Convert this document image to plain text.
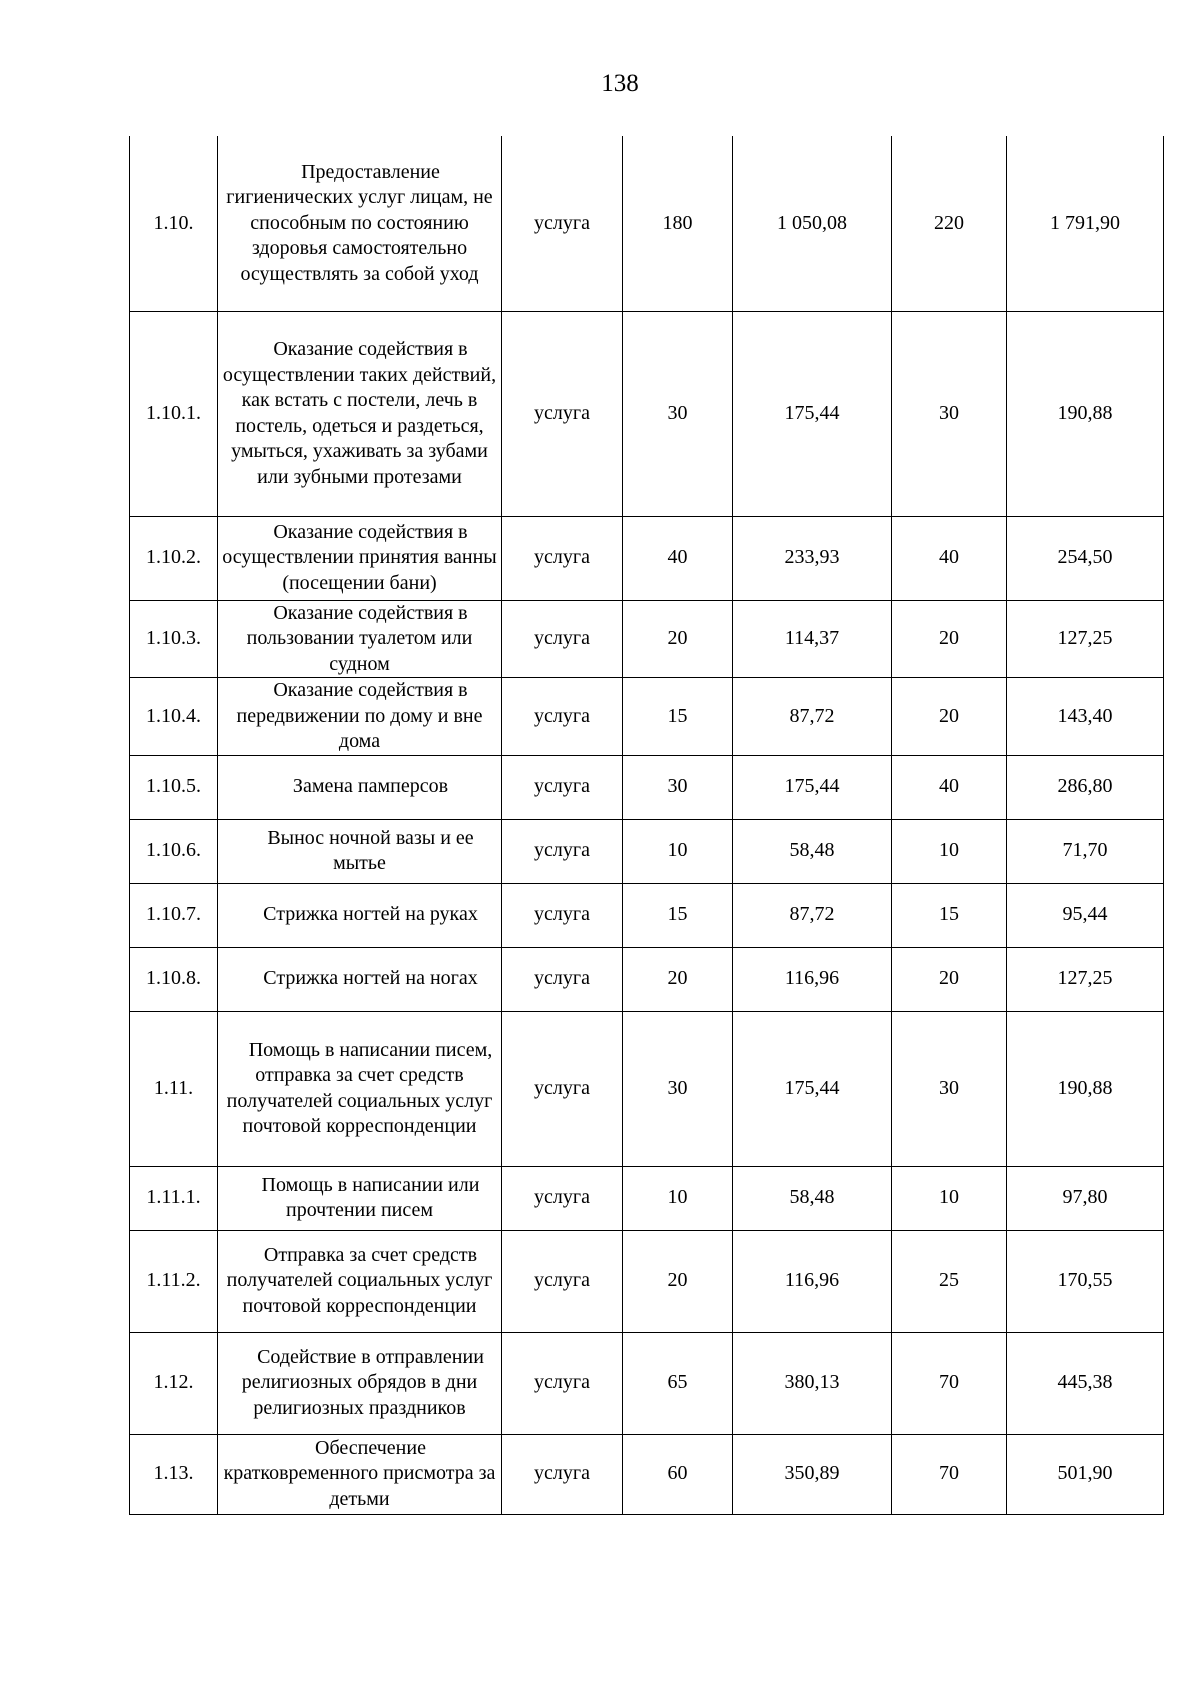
138
1.10.	Предоставление гигиенических услуг лицам, не способным по состоянию здоровья самостоятельно осуществлять за собой уход	услуга	180	1 050,08	220	1 791,90
1.10.1.	Оказание содействия в осуществлении таких действий, как встать с постели, лечь в постель, одеться и раздеться, умыться, ухаживать за зубами или зубными протезами	услуга	30	175,44	30	190,88
1.10.2.	Оказание содействия в осуществлении принятия ванны (посещении бани)	услуга	40	233,93	40	254,50
1.10.3.	Оказание содействия в пользовании туалетом или судном	услуга	20	114,37	20	127,25
1.10.4.	Оказание содействия в передвижении по дому и вне дома	услуга	15	87,72	20	143,40
1.10.5.	Замена памперсов	услуга	30	175,44	40	286,80
1.10.6.	Вынос ночной вазы и ее мытье	услуга	10	58,48	10	71,70
1.10.7.	Стрижка ногтей на руках	услуга	15	87,72	15	95,44
1.10.8.	Стрижка ногтей на ногах	услуга	20	116,96	20	127,25
1.11.	Помощь в написании писем, отправка за счет средств получателей социальных услуг почтовой корреспонденции	услуга	30	175,44	30	190,88
1.11.1.	Помощь в написании или прочтении писем	услуга	10	58,48	10	97,80
1.11.2.	Отправка за счет средств получателей социальных услуг почтовой корреспонденции	услуга	20	116,96	25	170,55
1.12.	Содействие в отправлении религиозных обрядов в дни религиозных праздников	услуга	65	380,13	70	445,38
1.13.	Обеспечение кратковременного присмотра за детьми	услуга	60	350,89	70	501,90
